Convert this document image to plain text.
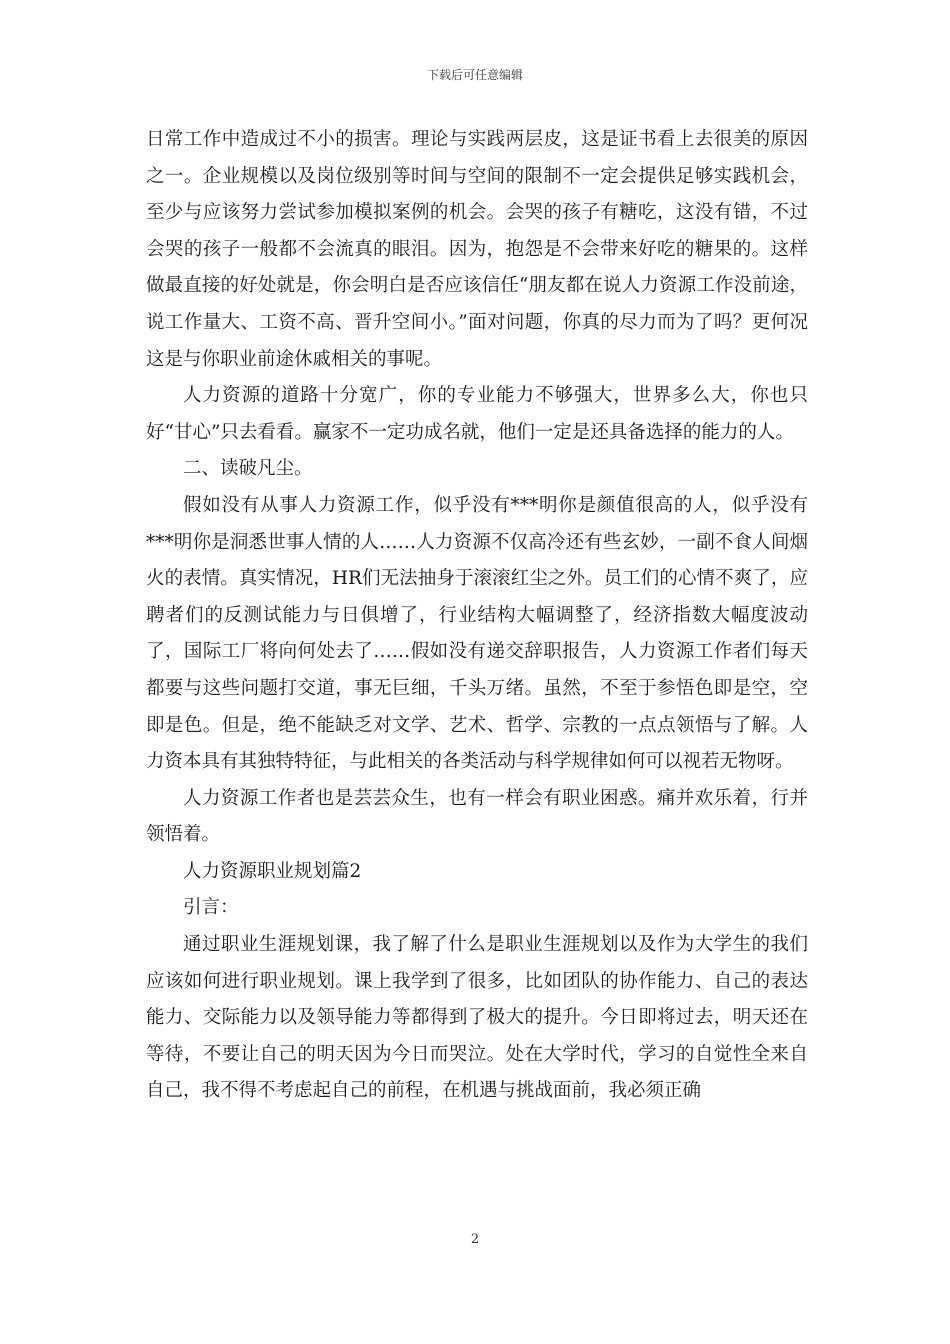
下载后可任意编辑

日常工作中造成过不小的损害。理论与实践两层皮，这是证书看上去很美的原因之一。企业规模以及岗位级别等时间与空间的限制不一定会提供足够实践机会，至少与应该努力尝试参加模拟案例的机会。会哭的孩子有糖吃，这没有错，不过会哭的孩子一般都不会流真的眼泪。因为，抱怨是不会带来好吃的糖果的。这样做最直接的好处就是，你会明白是否应该信任“朋友都在说人力资源工作没前途，说工作量大、工资不高、晋升空间小。”面对问题，你真的尽力而为了吗？更何况这是与你职业前途休戚相关的事呢。

人力资源的道路十分宽广，你的专业能力不够强大，世界多么大，你也只好“甘心”只去看看。赢家不一定功成名就，他们一定是还具备选择的能力的人。

二、读破凡尘。

假如没有从事人力资源工作，似乎没有***明你是颜值很高的人，似乎没有***明你是洞悉世事人情的人……人力资源不仅高冷还有些玄妙，一副不食人间烟火的表情。真实情况，HR们无法抽身于滚滚红尘之外。员工们的心情不爽了，应聘者们的反测试能力与日俱增了，行业结构大幅调整了，经济指数大幅度波动了，国际工厂将向何处去了……假如没有递交辞职报告，人力资源工作者们每天都要与这些问题打交道，事无巨细，千头万绪。虽然，不至于参悟色即是空，空即是色。但是，绝不能缺乏对文学、艺术、哲学、宗教的一点点领悟与了解。人力资本具有其独特特征，与此相关的各类活动与科学规律如何可以视若无物呀。

人力资源工作者也是芸芸众生，也有一样会有职业困惑。痛并欢乐着，行并领悟着。

人力资源职业规划篇2

引言：

通过职业生涯规划课，我了解了什么是职业生涯规划以及作为大学生的我们应该如何进行职业规划。课上我学到了很多，比如团队的协作能力、自己的表达能力、交际能力以及领导能力等都得到了极大的提升。今日即将过去，明天还在等待，不要让自己的明天因为今日而哭泣。处在大学时代，学习的自觉性全来自自己，我不得不考虑起自己的前程，在机遇与挑战面前，我必须正确

2
